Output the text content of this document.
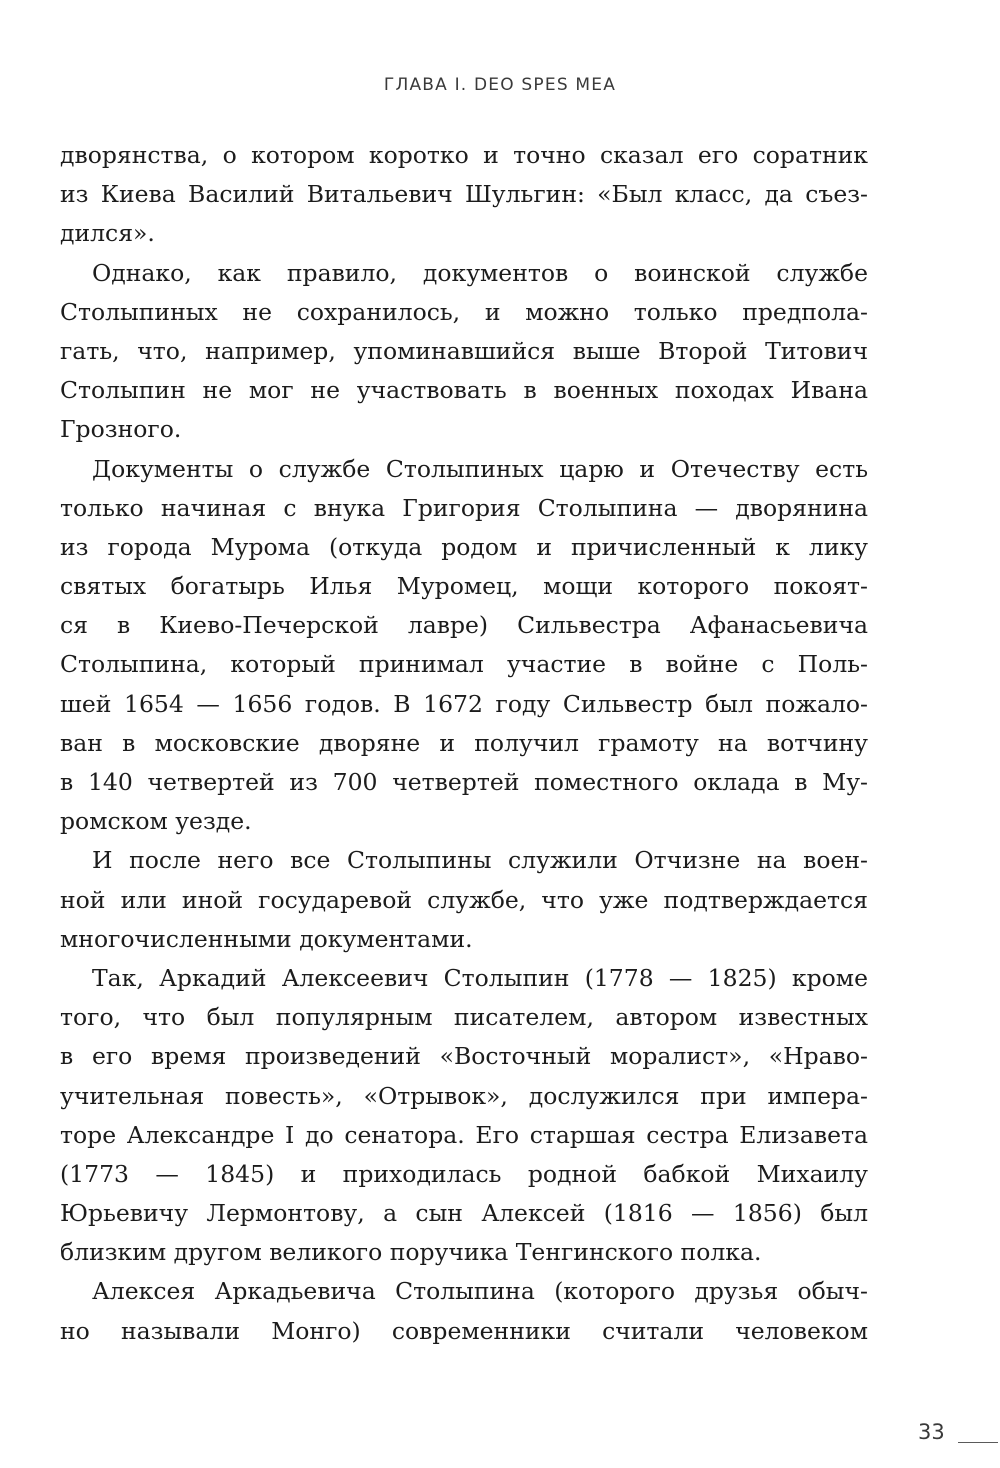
ГЛАВА I. DEO SPES MEA

дворянства, о котором коротко и точно сказал его соратник
из Киева Василий Витальевич Шульгин: «Был класс, да съез-
дился».

Однако, как правило, документов о воинской службе
Столыпиных не сохранилось, и можно только предпола-
гать, что, например, упоминавшийся выше Второй Титович
Столыпин не мог не участвовать в военных походах Ивана
Грозного.

Документы о службе Столыпиных царю и Отечеству есть
только начиная с внука Григория Столыпина — дворянина
из города Мурома (откуда родом и причисленный к лику
святых богатырь Илья Муромец, мощи которого покоят-
ся в Киево-Печерской лавре) Сильвестра Афанасьевича
Столыпина, который принимал участие в войне с Поль-
шей 1654 — 1656 годов. В 1672 году Сильвестр был пожало-
ван в московские дворяне и получил грамоту на вотчину
в 140 четвертей из 700 четвертей поместного оклада в Му-
ромском уезде.

И после него все Столыпины служили Отчизне на воен-
ной или иной государевой службе, что уже подтверждается
многочисленными документами.

Так, Аркадий Алексеевич Столыпин (1778 — 1825) кроме
того, что был популярным писателем, автором известных
в его время произведений «Восточный моралист», «Нраво-
учительная повесть», «Отрывок», дослужился при импера-
торе Александре I до сенатора. Его старшая сестра Елизавета
(1773 — 1845) и приходилась родной бабкой Михаилу
Юрьевичу Лермонтову, а сын Алексей (1816 — 1856) был
близким другом великого поручика Тенгинского полка.

Алексея Аркадьевича Столыпина (которого друзья обыч-
но называли Монго) современники считали человеком

33
